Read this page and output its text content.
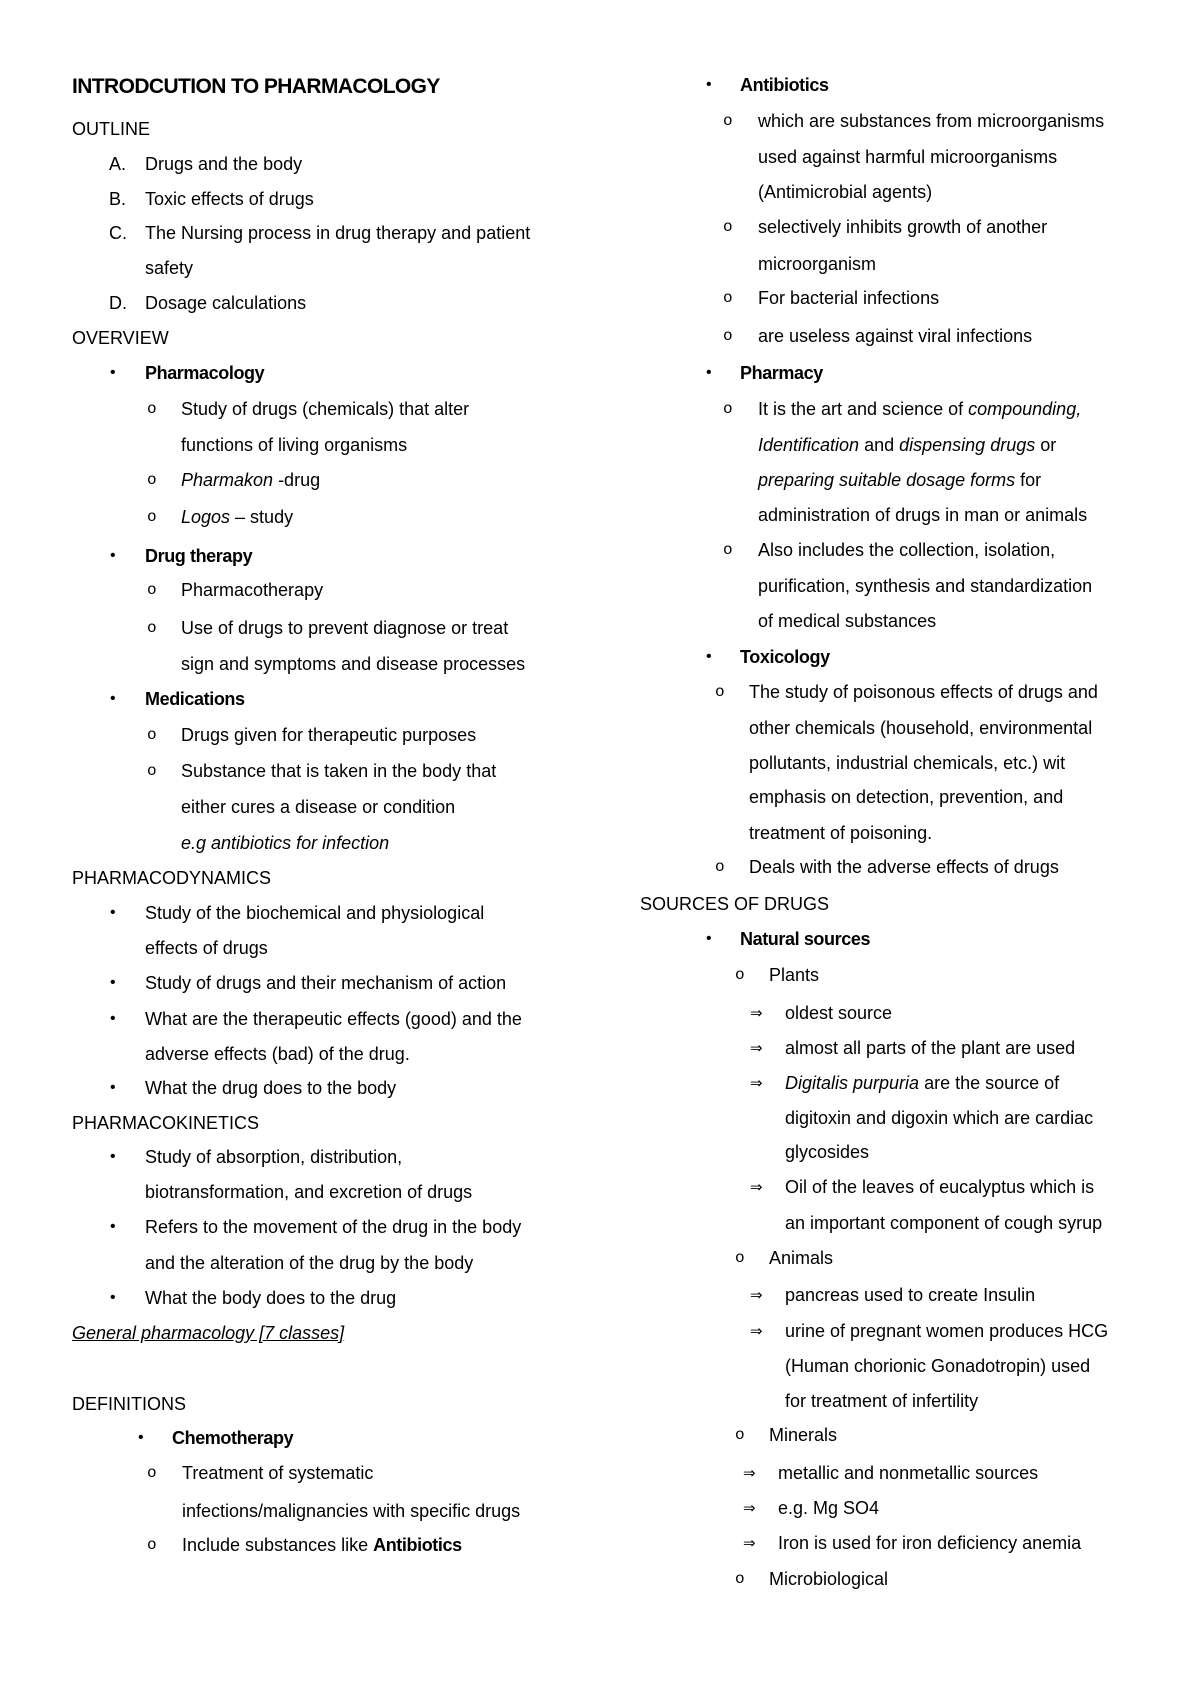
INTRODCUTION TO PHARMACOLOGY
OUTLINE
A. Drugs and the body
B. Toxic effects of drugs
C. The Nursing process in drug therapy and patient
safety
D. Dosage calculations
OVERVIEW
• Pharmacology
o Study of drugs (chemicals) that alter
functions of living organisms
o Pharmakon -drug
o Logos – study
• Drug therapy
o Pharmacotherapy
o Use of drugs to prevent diagnose or treat
sign and symptoms and disease processes
• Medications
o Drugs given for therapeutic purposes
o Substance that is taken in the body that
either cures a disease or condition
e.g antibiotics for infection
PHARMACODYNAMICS
• Study of the biochemical and physiological
effects of drugs
• Study of drugs and their mechanism of action
• What are the therapeutic effects (good) and the
adverse effects (bad) of the drug.
• What the drug does to the body
PHARMACOKINETICS
• Study of absorption, distribution,
biotransformation, and excretion of drugs
• Refers to the movement of the drug in the body
and the alteration of the drug by the body
• What the body does to the drug
General pharmacology [7 classes]
DEFINITIONS
• Chemotherapy
o Treatment of systematic
infections/malignancies with specific drugs
o Include substances like Antibiotics
• Antibiotics
o which are substances from microorganisms
used against harmful microorganisms
(Antimicrobial agents)
o selectively inhibits growth of another
microorganism
o For bacterial infections
o are useless against viral infections
• Pharmacy
o It is the art and science of compounding,
Identification and dispensing drugs or
preparing suitable dosage forms for
administration of drugs in man or animals
o Also includes the collection, isolation,
purification, synthesis and standardization
of medical substances
• Toxicology
o The study of poisonous effects of drugs and
other chemicals (household, environmental
pollutants, industrial chemicals, etc.) wit
emphasis on detection, prevention, and
treatment of poisoning.
o Deals with the adverse effects of drugs
SOURCES OF DRUGS
• Natural sources
o Plants
⇒ oldest source
⇒ almost all parts of the plant are used
⇒ Digitalis purpuria are the source of
digitoxin and digoxin which are cardiac
glycosides
⇒ Oil of the leaves of eucalyptus which is
an important component of cough syrup
o Animals
⇒ pancreas used to create Insulin
⇒ urine of pregnant women produces HCG
(Human chorionic Gonadotropin) used
for treatment of infertility
o Minerals
⇒ metallic and nonmetallic sources
⇒ e.g. Mg SO4
⇒ Iron is used for iron deficiency anemia
o Microbiological
